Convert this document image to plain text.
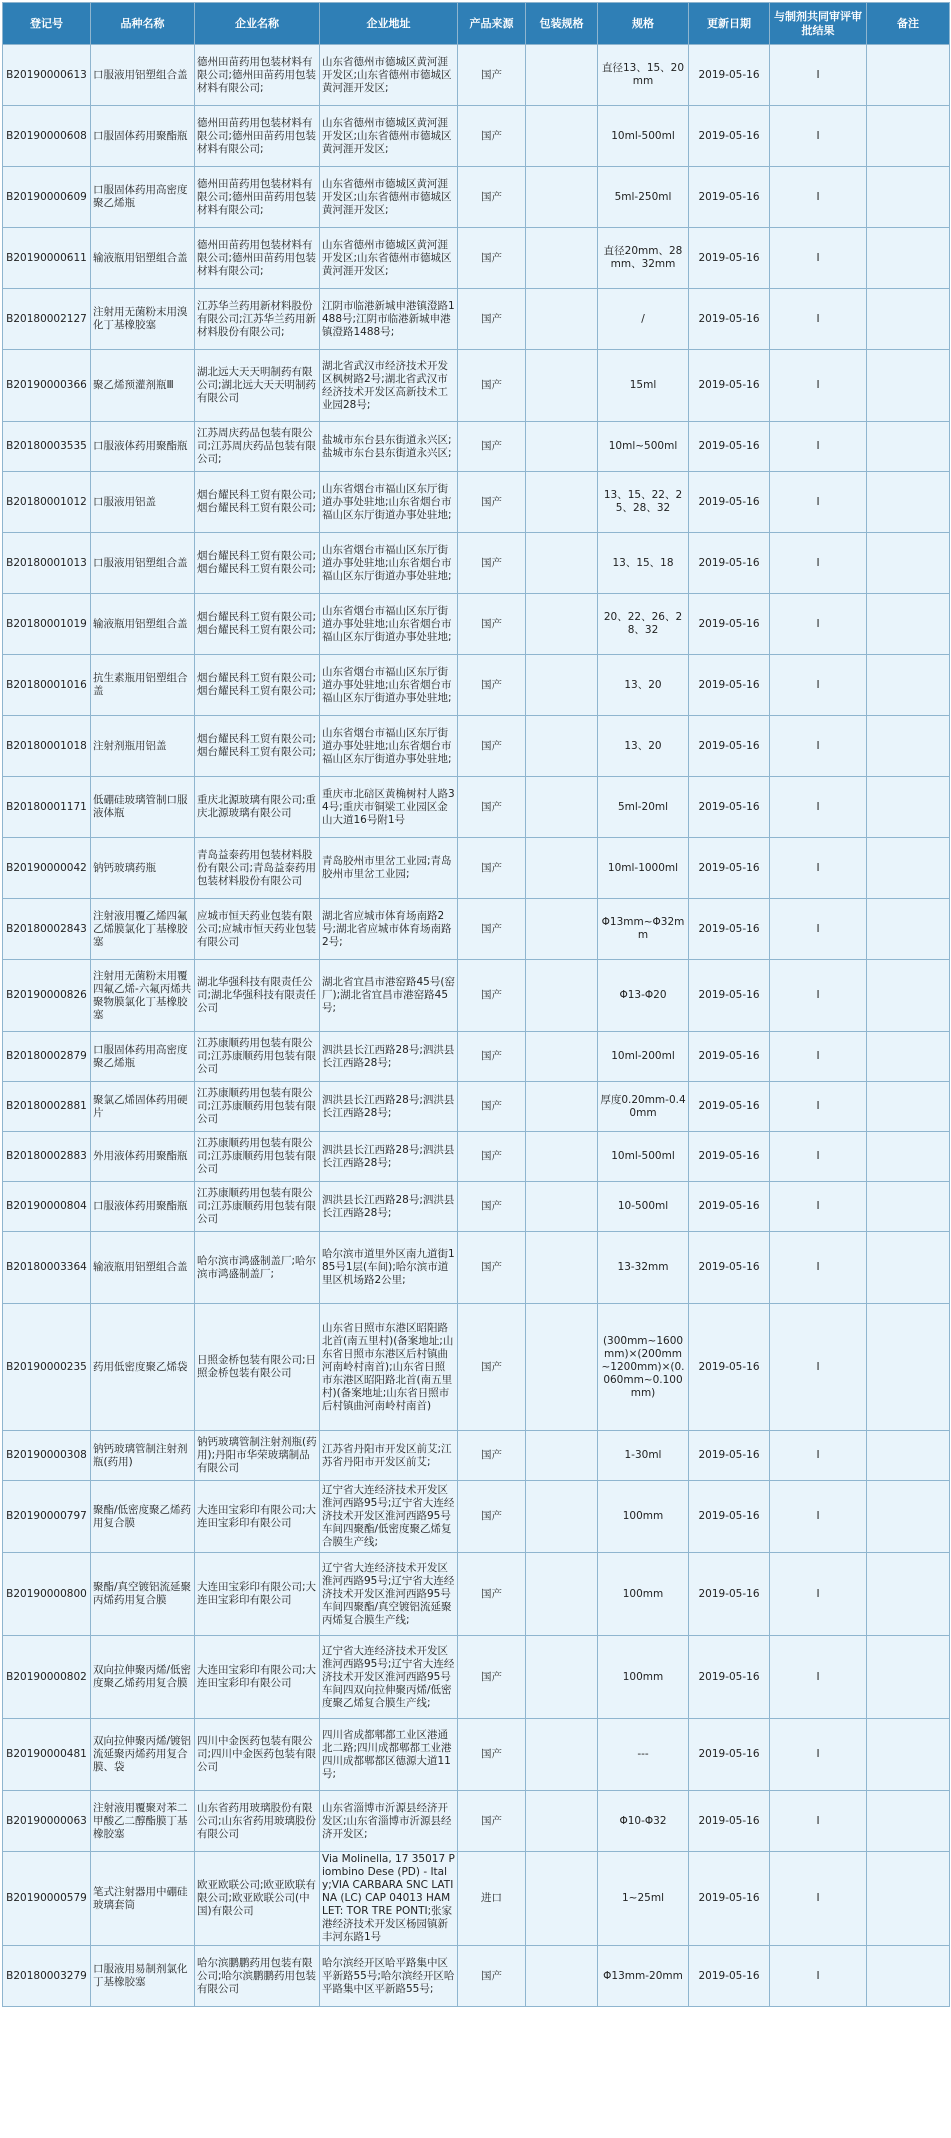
登记号	品种名称	企业名称	企业地址	产品来源	包装规格	规格	更新日期	与制剂共同审评审批结果	备注
B20190000613	口服液用铝塑组合盖	德州田苗药用包装材料有限公司;德州田苗药用包装材料有限公司;	山东省德州市德城区黄河涯开发区;山东省德州市德城区黄河涯开发区;	国产		直径13、15、20mm	2019-05-16	I	
B20190000608	口服固体药用聚酯瓶	德州田苗药用包装材料有限公司;德州田苗药用包装材料有限公司;	山东省德州市德城区黄河涯开发区;山东省德州市德城区黄河涯开发区;	国产		10ml-500ml	2019-05-16	I	
B20190000609	口服固体药用高密度聚乙烯瓶	德州田苗药用包装材料有限公司;德州田苗药用包装材料有限公司;	山东省德州市德城区黄河涯开发区;山东省德州市德城区黄河涯开发区;	国产		5ml-250ml	2019-05-16	I	
B20190000611	输液瓶用铝塑组合盖	德州田苗药用包装材料有限公司;德州田苗药用包装材料有限公司;	山东省德州市德城区黄河涯开发区;山东省德州市德城区黄河涯开发区;	国产		直径20mm、28mm、32mm	2019-05-16	I	
B20180002127	注射用无菌粉末用溴化丁基橡胶塞	江苏华兰药用新材料股份有限公司;江苏华兰药用新材料股份有限公司;	江阴市临港新城申港镇澄路1488号;江阴市临港新城申港镇澄路1488号;	国产		/	2019-05-16	I	
B20190000366	聚乙烯预灌剂瓶Ⅲ	湖北远大天天明制药有限公司;湖北远大天天明制药有限公司	湖北省武汉市经济技术开发区枫树路2号;湖北省武汉市经济技术开发区高新技术工业园28号;	国产		15ml	2019-05-16	I	
B20180003535	口服液体药用聚酯瓶	江苏周庆药品包装有限公司;江苏周庆药品包装有限公司;	盐城市东台县东街道永兴区;盐城市东台县东街道永兴区;	国产		10ml~500ml	2019-05-16	I	
B20180001012	口服液用铝盖	烟台耀民科工贸有限公司;烟台耀民科工贸有限公司;	山东省烟台市福山区东厅街道办事处驻地;山东省烟台市福山区东厅街道办事处驻地;	国产		13、15、22、25、28、32	2019-05-16	I	
B20180001013	口服液用铝塑组合盖	烟台耀民科工贸有限公司;烟台耀民科工贸有限公司;	山东省烟台市福山区东厅街道办事处驻地;山东省烟台市福山区东厅街道办事处驻地;	国产		13、15、18	2019-05-16	I	
B20180001019	输液瓶用铝塑组合盖	烟台耀民科工贸有限公司;烟台耀民科工贸有限公司;	山东省烟台市福山区东厅街道办事处驻地;山东省烟台市福山区东厅街道办事处驻地;	国产		20、22、26、28、32	2019-05-16	I	
B20180001016	抗生素瓶用铝塑组合盖	烟台耀民科工贸有限公司;烟台耀民科工贸有限公司;	山东省烟台市福山区东厅街道办事处驻地;山东省烟台市福山区东厅街道办事处驻地;	国产		13、20	2019-05-16	I	
B20180001018	注射剂瓶用铝盖	烟台耀民科工贸有限公司;烟台耀民科工贸有限公司;	山东省烟台市福山区东厅街道办事处驻地;山东省烟台市福山区东厅街道办事处驻地;	国产		13、20	2019-05-16	I	
B20180001171	低硼硅玻璃管制口服液体瓶	重庆北源玻璃有限公司;重庆北源玻璃有限公司	重庆市北碚区黄桷树村人路34号;重庆市铜梁工业园区金山大道16号附1号	国产		5ml-20ml	2019-05-16	I	
B20190000042	钠钙玻璃药瓶	青岛益泰药用包装材料股份有限公司;青岛益泰药用包装材料股份有限公司	青岛胶州市里岔工业园;青岛胶州市里岔工业园;	国产		10ml-1000ml	2019-05-16	I	
B20180002843	注射液用覆乙烯四氟乙烯膜氯化丁基橡胶塞	应城市恒天药业包装有限公司;应城市恒天药业包装有限公司	湖北省应城市体育场南路2号;湖北省应城市体育场南路2号;	国产		Φ13mm~Φ32mm	2019-05-16	I	
B20190000826	注射用无菌粉末用覆四氟乙烯-六氟丙烯共聚物膜氯化丁基橡胶塞	湖北华强科技有限责任公司;湖北华强科技有限责任公司	湖北省宜昌市港窑路45号(窑厂);湖北省宜昌市港窑路45号;	国产		Φ13-Φ20	2019-05-16	I	
B20180002879	口服固体药用高密度聚乙烯瓶	江苏康顺药用包装有限公司;江苏康顺药用包装有限公司	泗洪县长江西路28号;泗洪县长江西路28号;	国产		10ml-200ml	2019-05-16	I	
B20180002881	聚氯乙烯固体药用硬片	江苏康顺药用包装有限公司;江苏康顺药用包装有限公司	泗洪县长江西路28号;泗洪县长江西路28号;	国产		厚度0.20mm-0.40mm	2019-05-16	I	
B20180002883	外用液体药用聚酯瓶	江苏康顺药用包装有限公司;江苏康顺药用包装有限公司	泗洪县长江西路28号;泗洪县长江西路28号;	国产		10ml-500ml	2019-05-16	I	
B20190000804	口服液体药用聚酯瓶	江苏康顺药用包装有限公司;江苏康顺药用包装有限公司	泗洪县长江西路28号;泗洪县长江西路28号;	国产		10-500ml	2019-05-16	I	
B20180003364	输液瓶用铝塑组合盖	哈尔滨市鸿盛制盖厂;哈尔滨市鸿盛制盖厂;	哈尔滨市道里外区南九道街185号1层(车间);哈尔滨市道里区机场路2公里;	国产		13-32mm	2019-05-16	I	
B20190000235	药用低密度聚乙烯袋	日照金桥包装有限公司;日照金桥包装有限公司	山东省日照市东港区昭阳路北首(南五里村)(备案地址;山东省日照市东港区后村镇曲河南岭村南首);山东省日照市东港区昭阳路北首(南五里村)(备案地址;山东省日照市后村镇曲河南岭村南首)	国产		(300mm~1600mm)×(200mm~1200mm)×(0.060mm~0.100mm)	2019-05-16	I	
B20190000308	钠钙玻璃管制注射剂瓶(药用)	钠钙玻璃管制注射剂瓶(药用);丹阳市华荣玻璃制品有限公司	江苏省丹阳市开发区前艾;江苏省丹阳市开发区前艾;	国产		1-30ml	2019-05-16	I	
B20190000797	聚酯/低密度聚乙烯药用复合膜	大连田宝彩印有限公司;大连田宝彩印有限公司	辽宁省大连经济技术开发区淮河西路95号;辽宁省大连经济技术开发区淮河西路95号车间四聚酯/低密度聚乙烯复合膜生产线;	国产		100mm	2019-05-16	I	
B20190000800	聚酯/真空镀铝流延聚丙烯药用复合膜	大连田宝彩印有限公司;大连田宝彩印有限公司	辽宁省大连经济技术开发区淮河西路95号;辽宁省大连经济技术开发区淮河西路95号车间四聚酯/真空镀铝流延聚丙烯复合膜生产线;	国产		100mm	2019-05-16	I	
B20190000802	双向拉伸聚丙烯/低密度聚乙烯药用复合膜	大连田宝彩印有限公司;大连田宝彩印有限公司	辽宁省大连经济技术开发区淮河西路95号;辽宁省大连经济技术开发区淮河西路95号车间四双向拉伸聚丙烯/低密度聚乙烯复合膜生产线;	国产		100mm	2019-05-16	I	
B20190000481	双向拉伸聚丙烯/镀铝流延聚丙烯药用复合膜、袋	四川中金医药包装有限公司;四川中金医药包装有限公司	四川省成都郫都工业区港通北二路;四川成都郫都工业港四川成都郫都区德源大道11号;	国产		---	2019-05-16	I	
B20190000063	注射液用覆聚对苯二甲酸乙二醇酯膜丁基橡胶塞	山东省药用玻璃股份有限公司;山东省药用玻璃股份有限公司	山东省淄博市沂源县经济开发区;山东省淄博市沂源县经济开发区;	国产		Φ10-Φ32	2019-05-16	I	
B20190000579	笔式注射器用中硼硅玻璃套筒	欧亚欧联公司;欧亚欧联有限公司;欧亚欧联公司(中国)有限公司	Via Molinella, 17 35017 Piombino Dese (PD) - Italy;VIA CARBARA SNC LATINA (LC) CAP 04013 HAMLET: TOR TRE PONTI;张家港经济技术开发区杨园镇新丰河东路1号	进口		1~25ml	2019-05-16	I	
B20180003279	口服液用易制剂氯化丁基橡胶塞	哈尔滨鹏鹏药用包装有限公司;哈尔滨鹏鹏药用包装有限公司	哈尔滨经开区哈平路集中区平新路55号;哈尔滨经开区哈平路集中区平新路55号;	国产		Φ13mm-20mm	2019-05-16	I	
